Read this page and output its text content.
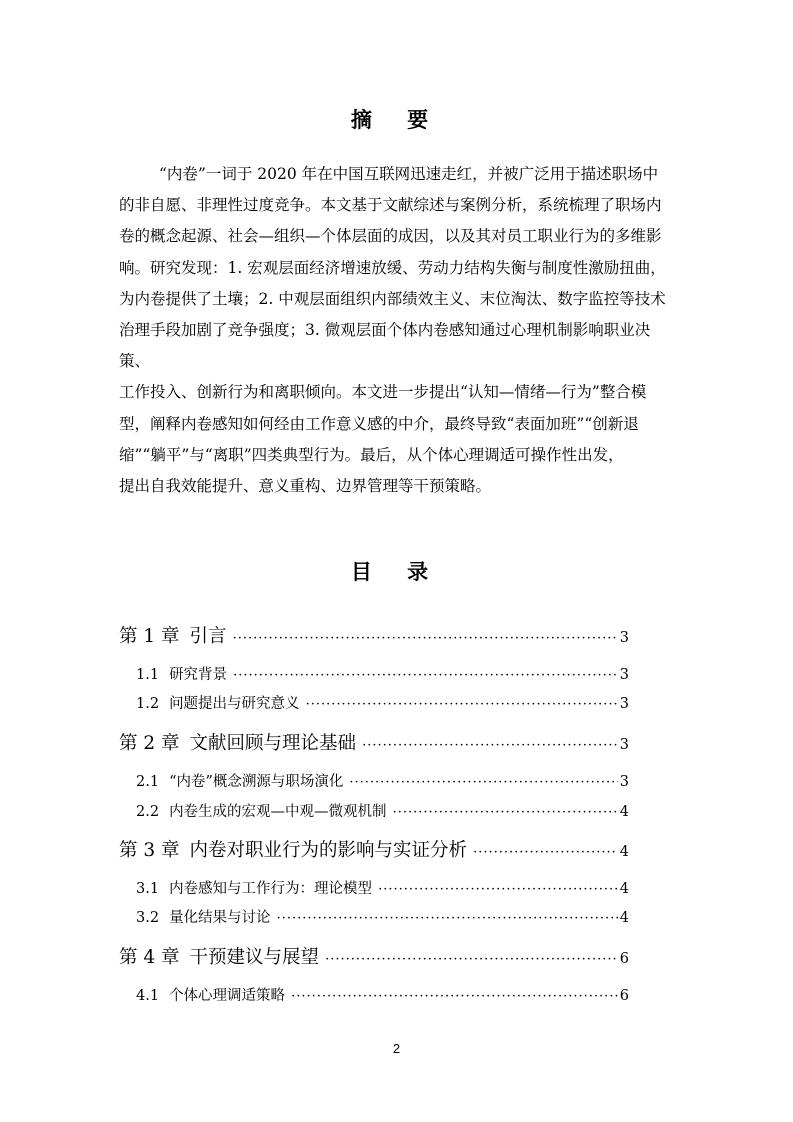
摘 要

“内卷”一词于 2020 年在中国互联网迅速走红，并被广泛用于描述职场中
的非自愿、非理性过度竞争。本文基于文献综述与案例分析，系统梳理了职场内
卷的概念起源、社会—组织—个体层面的成因，以及其对员工职业行为的多维影
响。研究发现：1. 宏观层面经济增速放缓、劳动力结构失衡与制度性激励扭曲，
为内卷提供了土壤；2. 中观层面组织内部绩效主义、末位淘汰、数字监控等技术
治理手段加剧了竞争强度；3. 微观层面个体内卷感知通过心理机制影响职业决策、
工作投入、创新行为和离职倾向。本文进一步提出“认知—情绪—行为”整合模
型，阐释内卷感知如何经由工作意义感的中介，最终导致“表面加班”“创新退
缩”“躺平”与“离职”四类典型行为。最后，从个体心理调适可操作性出发，
提出自我效能提升、意义重构、边界管理等干预策略。

目 录
第 1 章 引言 ·····	3
1.1 研究背景 ·····	3
1.2 问题提出与研究意义 ·····	3
第 2 章 文献回顾与理论基础 ·····	3
2.1 “内卷”概念溯源与职场演化 ·····	3
2.2 内卷生成的宏观—中观—微观机制 ·····	4
第 3 章 内卷对职业行为的影响与实证分析 ·····	4
3.1 内卷感知与工作行为：理论模型 ·····	4
3.2 量化结果与讨论 ·····	4
第 4 章 干预建议与展望 ·····	6
4.1 个体心理调适策略 ·····	6
2
